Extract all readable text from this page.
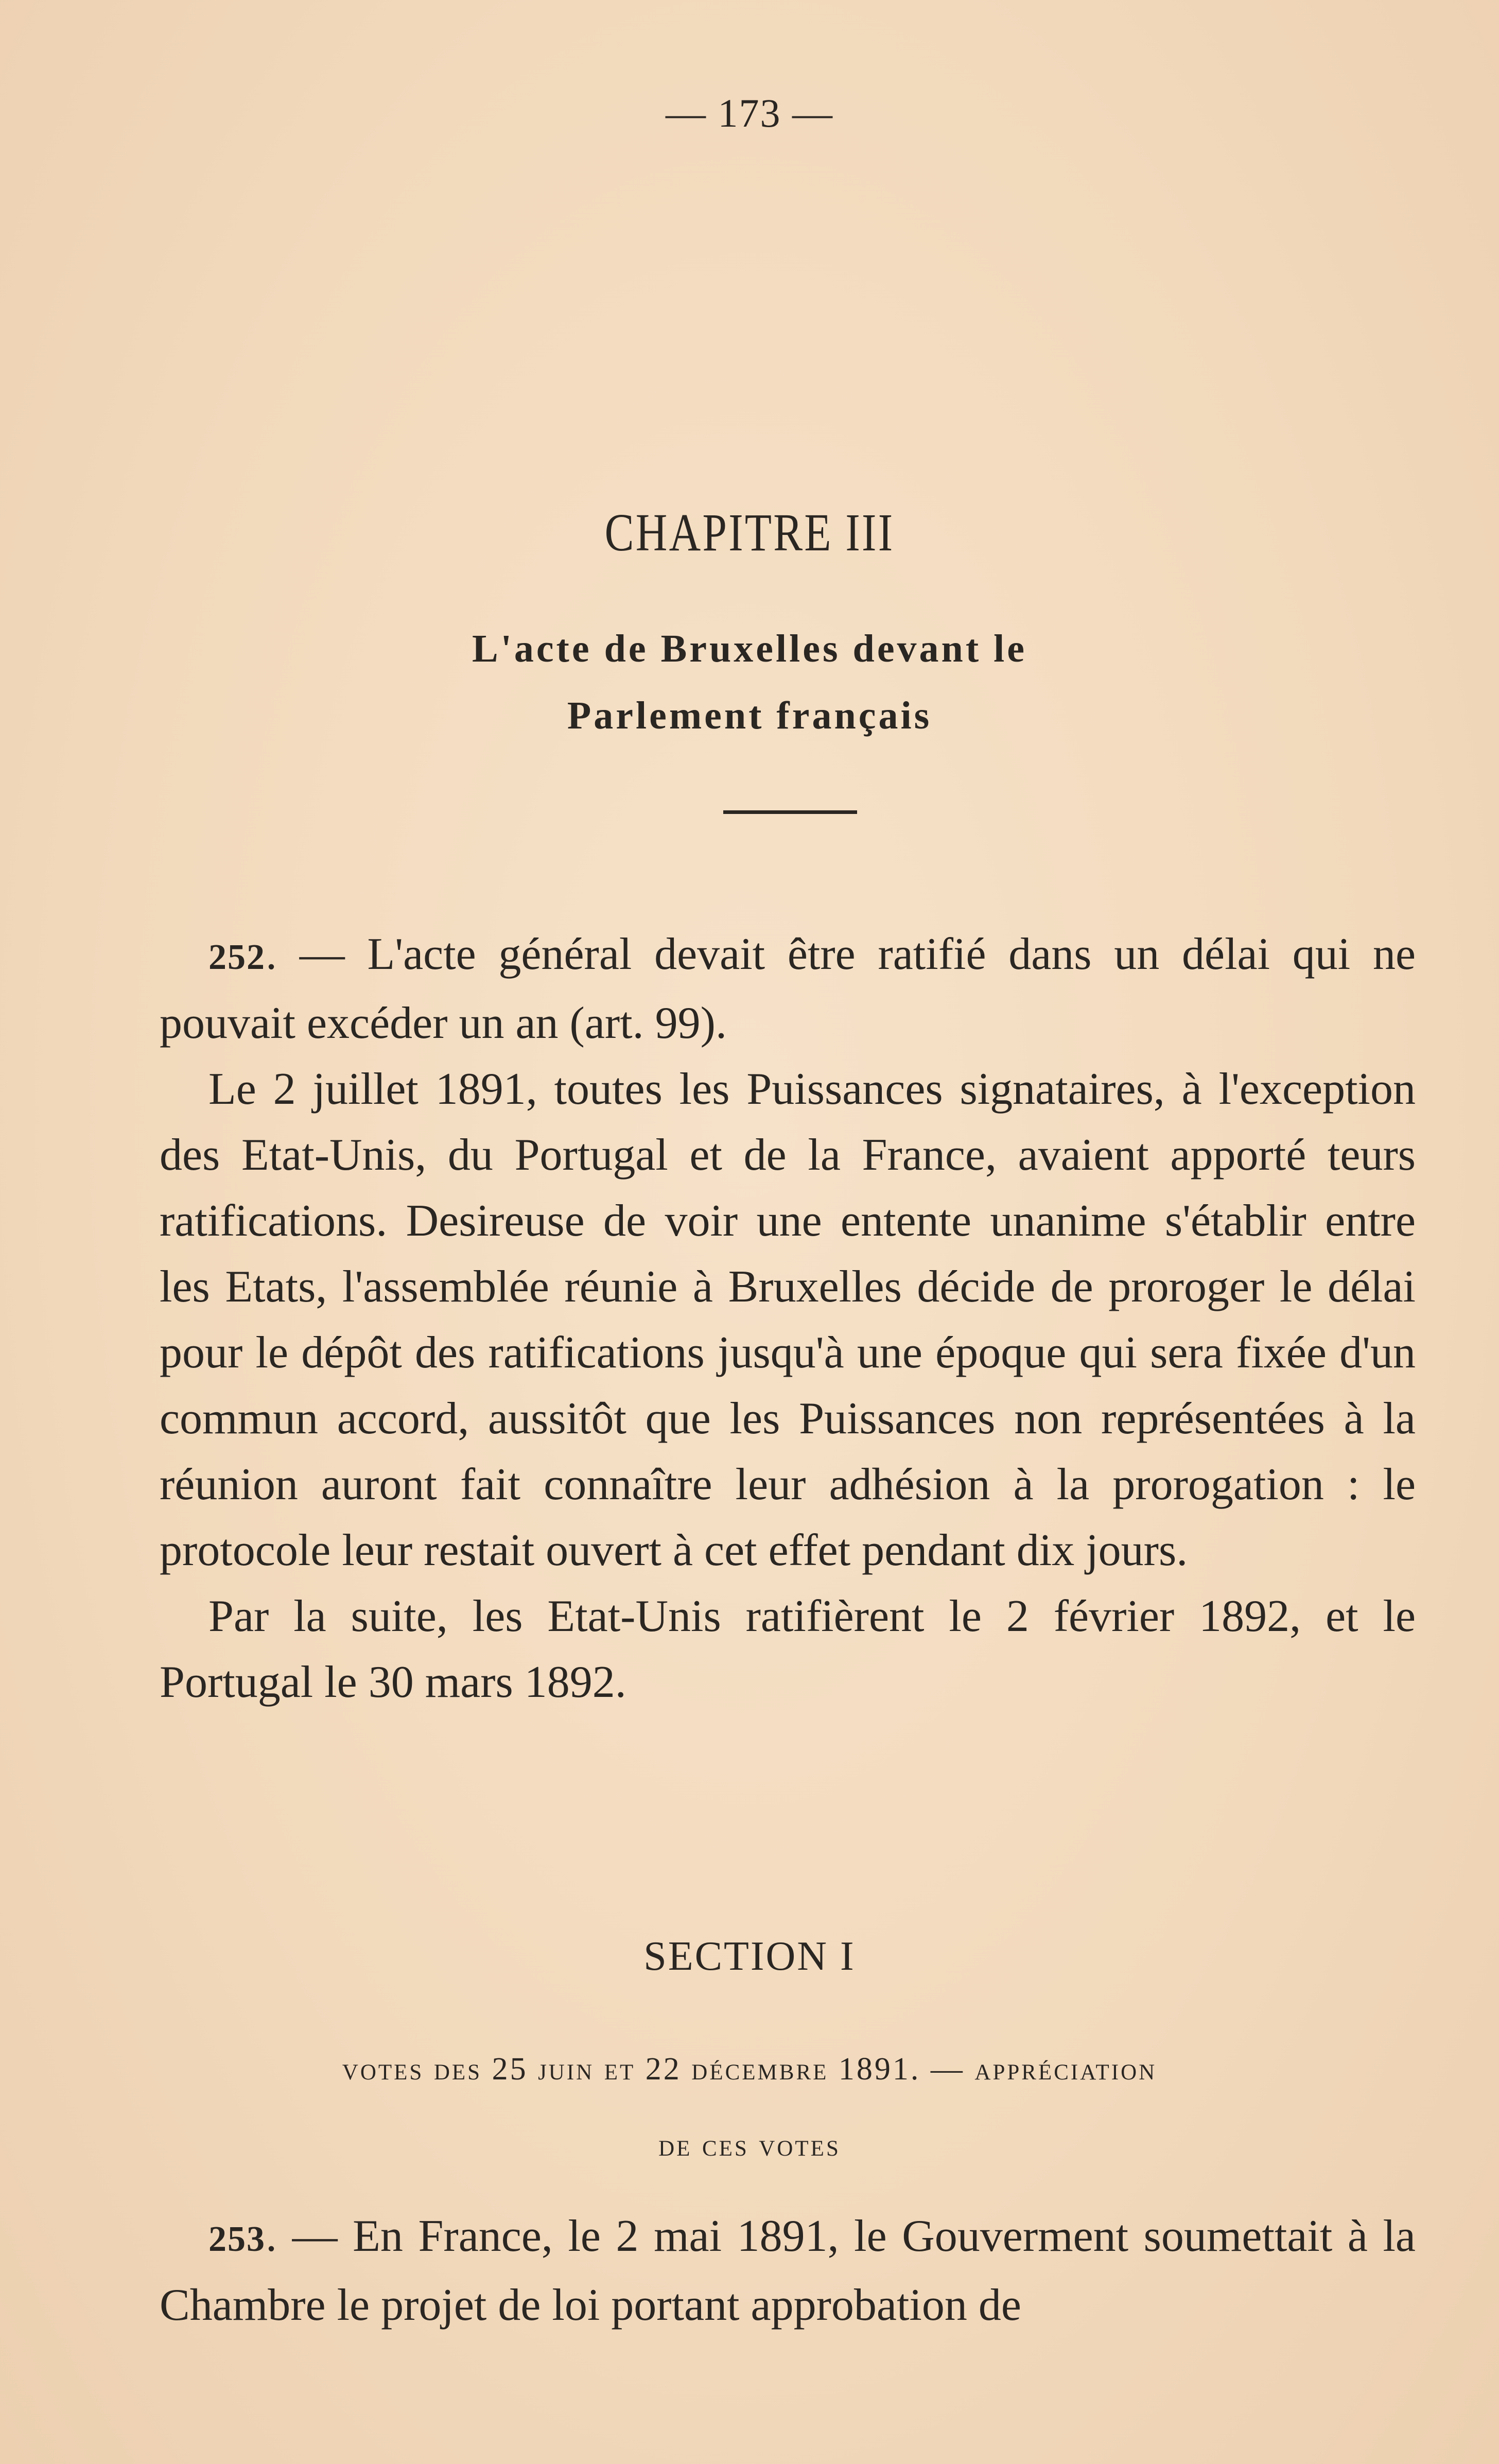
— 173 —
CHAPITRE III
L'acte de Bruxelles devant le
Parlement français

252. — L'acte général devait être ratifié dans un délai qui ne pouvait excéder un an (art. 99).

Le 2 juillet 1891, toutes les Puissances signataires, à l'exception des Etat-Unis, du Portugal et de la France, avaient apporté teurs ratifications. Desireuse de voir une entente unanime s'établir entre les Etats, l'assemblée réunie à Bruxelles décide de proroger le délai pour le dépôt des ratifications jusqu'à une époque qui sera fixée d'un commun accord, aussitôt que les Puissances non représentées à la réunion auront fait connaître leur adhésion à la prorogation : le protocole leur restait ouvert à cet effet pendant dix jours.

Par la suite, les Etat-Unis ratifièrent le 2 février 1892, et le Portugal le 30 mars 1892.

SECTION I
votes des 25 juin et 22 décembre 1891. — appréciation
de ces votes

253. — En France, le 2 mai 1891, le Gouverment soumettait à la Chambre le projet de loi portant approbation de
